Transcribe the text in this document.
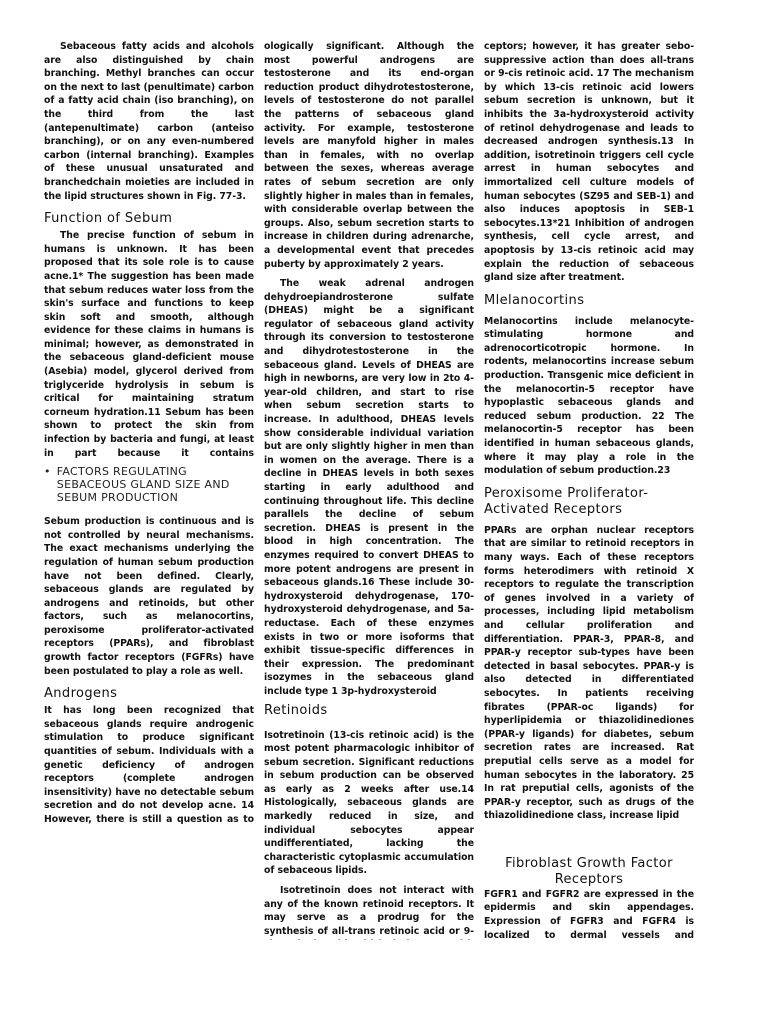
Sebaceous fatty acids and alcohols are also distinguished by chain branching. Methyl branches can occur on the next to last (penultimate) carbon of a fatty acid chain (iso branching), on the third from the last (antepenultimate) carbon (anteiso branching), or on any even-numbered carbon (internal branching). Examples of these unusual unsaturated and branchedchain moieties are included in the lipid structures shown in Fig. 77-3.

Function of Sebum

The precise function of sebum in humans is unknown. It has been proposed that its sole role is to cause acne.1* The suggestion has been made that sebum reduces water loss from the skin's surface and functions to keep skin soft and smooth, although evidence for these claims in humans is minimal; however, as demonstrated in the sebaceous gland-deficient mouse (Asebia) model, glycerol derived from triglyceride hydrolysis in sebum is critical for maintaining stratum corneum hydration.11 Sebum has been shown to protect the skin from infection by bacteria and fungi, at least in part because it contains

• FACTORS REGULATING SEBACEOUS GLAND SIZE AND SEBUM PRODUCTION

Sebum production is continuous and is not controlled by neural mechanisms. The exact mechanisms underlying the regulation of human sebum production have not been defined. Clearly, sebaceous glands are regulated by androgens and retinoids, but other factors, such as melanocortins, peroxisome proliferator-activated receptors (PPARs), and fibroblast growth factor receptors (FGFRs) have been postulated to play a role as well.

Androgens

It has long been recognized that sebaceous glands require androgenic stimulation to produce significant quantities of sebum. Individuals with a genetic deficiency of androgen receptors (complete androgen insensitivity) have no detectable sebum secretion and do not develop acne. 14 However, there is still a question as to

ologically significant. Although the most powerful androgens are testosterone and its end-organ reduction product dihydrotestosterone, levels of testosterone do not parallel the patterns of sebaceous gland activity. For example, testosterone levels are manyfold higher in males than in females, with no overlap between the sexes, whereas average rates of sebum secretion are only slightly higher in males than in females, with considerable overlap between the groups. Also, sebum secretion starts to increase in children during adrenarche, a developmental event that precedes puberty by approximately 2 years.

The weak adrenal androgen dehydroepiandrosterone sulfate (DHEAS) might be a significant regulator of sebaceous gland activity through its conversion to testosterone and dihydrotestosterone in the sebaceous gland. Levels of DHEAS are high in newborns, are very low in 2to 4-year-old children, and start to rise when sebum secretion starts to increase. In adulthood, DHEAS levels show considerable individual variation but are only slightly higher in men than in women on the average. There is a decline in DHEAS levels in both sexes starting in early adulthood and continuing throughout life. This decline parallels the decline of sebum secretion. DHEAS is present in the blood in high concentration. The enzymes required to convert DHEAS to more potent androgens are present in sebaceous glands.16 These include 30-hydroxysteroid dehydrogenase, 170-hydroxysteroid dehydrogenase, and 5a-reductase. Each of these enzymes exists in two or more isoforms that exhibit tissue-specific differences in their expression. The predominant isozymes in the sebaceous gland include type 1 3p-hydroxysteroid

Retinoids

Isotretinoin (13-cis retinoic acid) is the most potent pharmacologic inhibitor of sebum secretion. Significant reductions in sebum production can be observed as early as 2 weeks after use.14 Histologically, sebaceous glands are markedly reduced in size, and individual sebocytes appear undifferentiated, lacking the characteristic cytoplasmic accumulation of sebaceous lipids.

Isotretinoin does not interact with any of the known retinoid receptors. It may serve as a prodrug for the synthesis of all-trans retinoic acid or 9-

ceptors; however, it has greater sebo-suppressive action than does all-trans or 9-cis retinoic acid. 17 The mechanism by which 13-cis retinoic acid lowers sebum secretion is unknown, but it inhibits the 3a-hydroxysteroid activity of retinol dehydrogenase and leads to decreased androgen synthesis.13 In addition, isotretinoin triggers cell cycle arrest in human sebocytes and immortalized cell culture models of human sebocytes (SZ95 and SEB-1) and also induces apoptosis in SEB-1 sebocytes.13*21 Inhibition of androgen synthesis, cell cycle arrest, and apoptosis by 13-cis retinoic acid may explain the reduction of sebaceous gland size after treatment.

Mlelanocortins

Melanocortins include melanocyte-stimulating hormone and adrenocorticotropic hormone. In rodents, melanocortins increase sebum production. Transgenic mice deficient in the melanocortin-5 receptor have hypoplastic sebaceous glands and reduced sebum production. 22 The melanocortin-5 receptor has been identified in human sebaceous glands, where it may play a role in the modulation of sebum production.23

Peroxisome Proliferator-Activated Receptors

PPARs are orphan nuclear receptors that are similar to retinoid receptors in many ways. Each of these receptors forms heterodimers with retinoid X receptors to regulate the transcription of genes involved in a variety of processes, including lipid metabolism and cellular proliferation and differentiation. PPAR-3, PPAR-8, and PPAR-y receptor sub-types have been detected in basal sebocytes. PPAR-y is also detected in differentiated sebocytes. In patients receiving fibrates (PPAR-oc ligands) for hyperlipidemia or thiazolidinediones (PPAR-y ligands) for diabetes, sebum secretion rates are increased. Rat preputial cells serve as a model for human sebocytes in the laboratory. 25 In rat preputial cells, agonists of the PPAR-y receptor, such as drugs of the thiazolidinedione class, increase lipid

Fibroblast Growth Factor Receptors

FGFR1 and FGFR2 are expressed in the epidermis and skin appendages. Expression of FGFR3 and FGFR4 is localized to dermal vessels and
